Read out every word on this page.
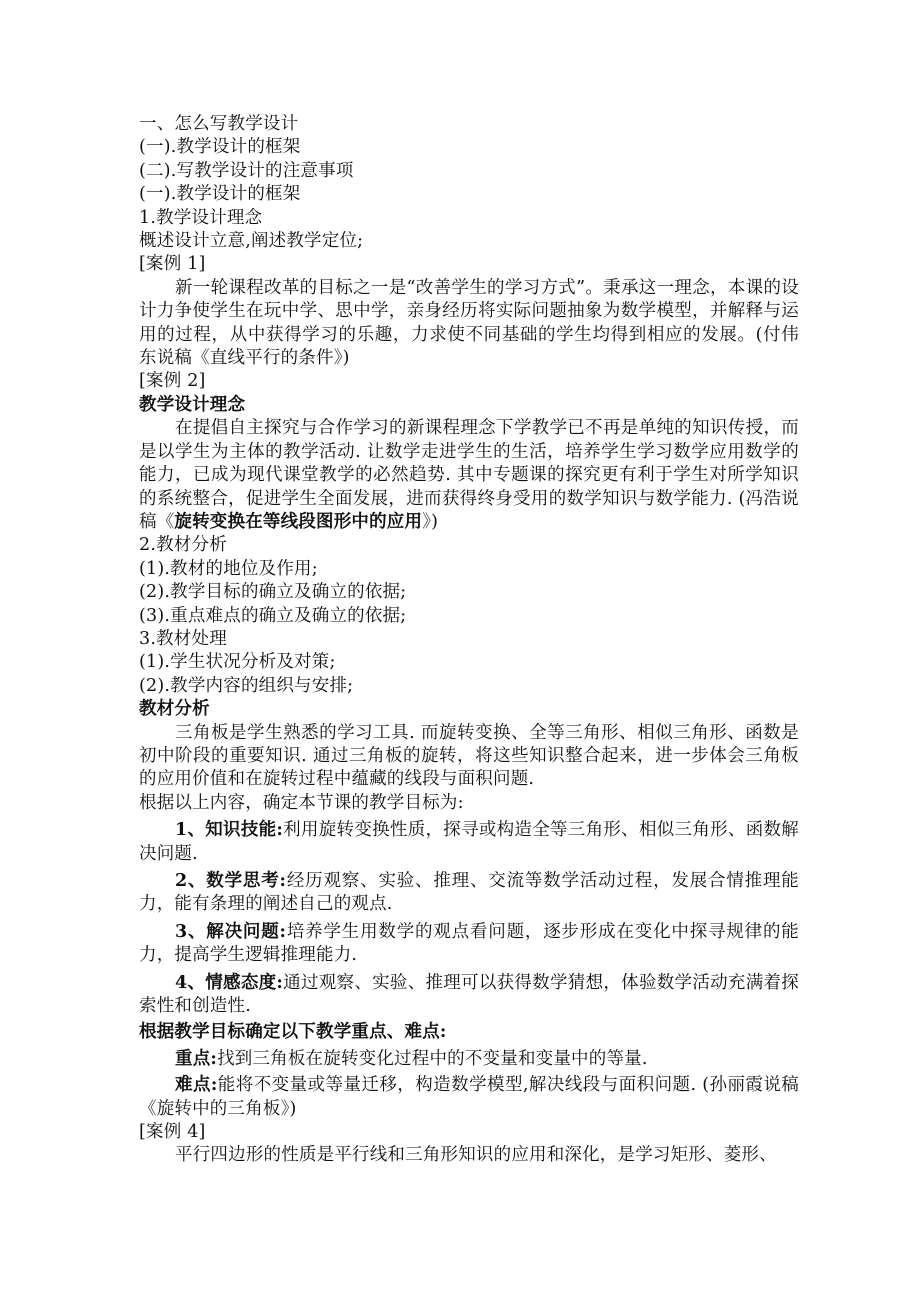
一、怎么写教学设计

(一).教学设计的框架

(二).写教学设计的注意事项

(一).教学设计的框架

1.教学设计理念

概述设计立意,阐述教学定位;

[案例 1]

新一轮课程改革的目标之一是“改善学生的学习方式”。秉承这一理念，本课的设计力争使学生在玩中学、思中学，亲身经历将实际问题抽象为数学模型，并解释与运用的过程，从中获得学习的乐趣，力求使不同基础的学生均得到相应的发展。(付伟东说稿《直线平行的条件》)

[案例 2]

教学设计理念

在提倡自主探究与合作学习的新课程理念下学教学已不再是单纯的知识传授，而是以学生为主体的教学活动. 让数学走进学生的生活，培养学生学习数学应用数学的能力，已成为现代课堂教学的必然趋势. 其中专题课的探究更有利于学生对所学知识的系统整合，促进学生全面发展，进而获得终身受用的数学知识与数学能力. (冯浩说稿《旋转变换在等线段图形中的应用》)

2.教材分析

(1).教材的地位及作用;

(2).教学目标的确立及确立的依据;

(3).重点难点的确立及确立的依据;

3.教材处理

(1).学生状况分析及对策;

(2).教学内容的组织与安排;

教材分析

三角板是学生熟悉的学习工具. 而旋转变换、全等三角形、相似三角形、函数是初中阶段的重要知识. 通过三角板的旋转，将这些知识整合起来，进一步体会三角板的应用价值和在旋转过程中蕴藏的线段与面积问题.

根据以上内容，确定本节课的教学目标为:

1、知识技能:利用旋转变换性质，探寻或构造全等三角形、相似三角形、函数解决问题.

2、数学思考:经历观察、实验、推理、交流等数学活动过程，发展合情推理能力，能有条理的阐述自己的观点.

3、解决问题:培养学生用数学的观点看问题，逐步形成在变化中探寻规律的能力，提高学生逻辑推理能力.

4、情感态度:通过观察、实验、推理可以获得数学猜想，体验数学活动充满着探索性和创造性.

根据教学目标确定以下教学重点、难点:

重点:找到三角板在旋转变化过程中的不变量和变量中的等量.

难点:能将不变量或等量迁移，构造数学模型,解决线段与面积问题. (孙丽霞说稿《旋转中的三角板》)

[案例 4]

平行四边形的性质是平行线和三角形知识的应用和深化，是学习矩形、菱形、
